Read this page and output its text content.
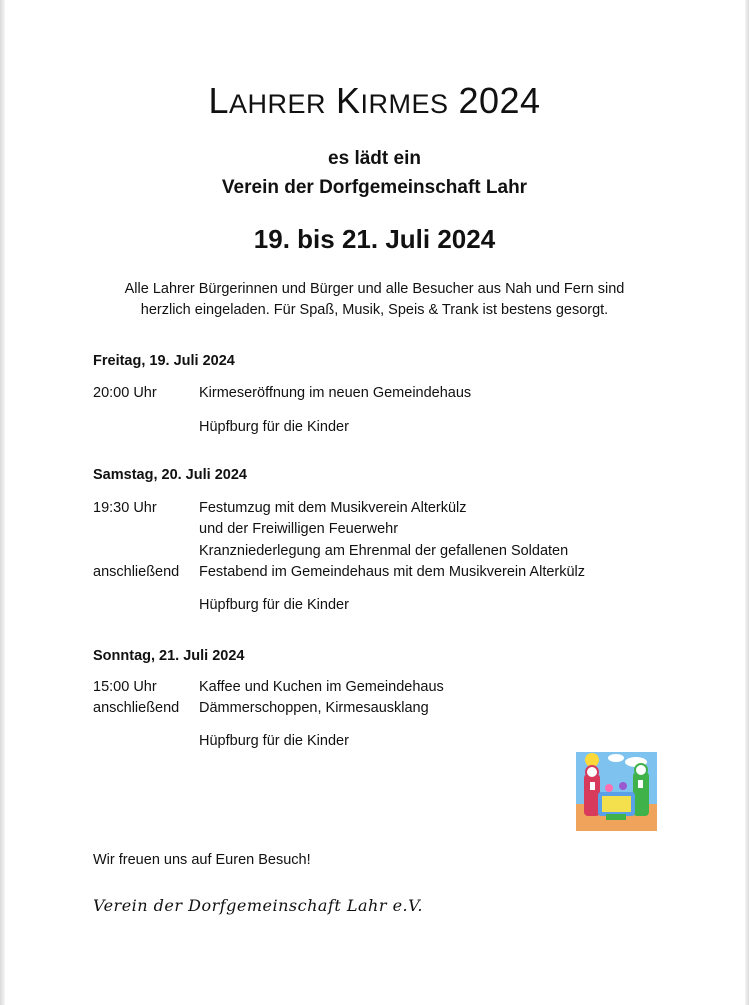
LAHRER KIRMES 2024
es lädt ein
Verein der Dorfgemeinschaft Lahr
19. bis 21. Juli 2024
Alle Lahrer Bürgerinnen und Bürger und alle Besucher aus Nah und Fern sind
herzlich eingeladen. Für Spaß, Musik, Speis & Trank ist bestens gesorgt.
Freitag, 19. Juli 2024
20:00 Uhr	Kirmeseröffnung im neuen Gemeindehaus
Hüpfburg für die Kinder
Samstag, 20. Juli 2024
19:30 Uhr	Festumzug mit dem Musikverein Alterkülz
und der Freiwilligen Feuerwehr
Kranzniederlegung am Ehrenmal der gefallenen Soldaten
anschließend Festabend im Gemeindehaus mit dem Musikverein Alterkülz
Hüpfburg für die Kinder
Sonntag, 21. Juli 2024
15:00 Uhr	Kaffee und Kuchen im Gemeindehaus
anschließend Dämmerschoppen, Kirmesausklang
Hüpfburg für die Kinder
Wir freuen uns auf Euren Besuch!
Verein der Dorfgemeinschaft Lahr e.V.
